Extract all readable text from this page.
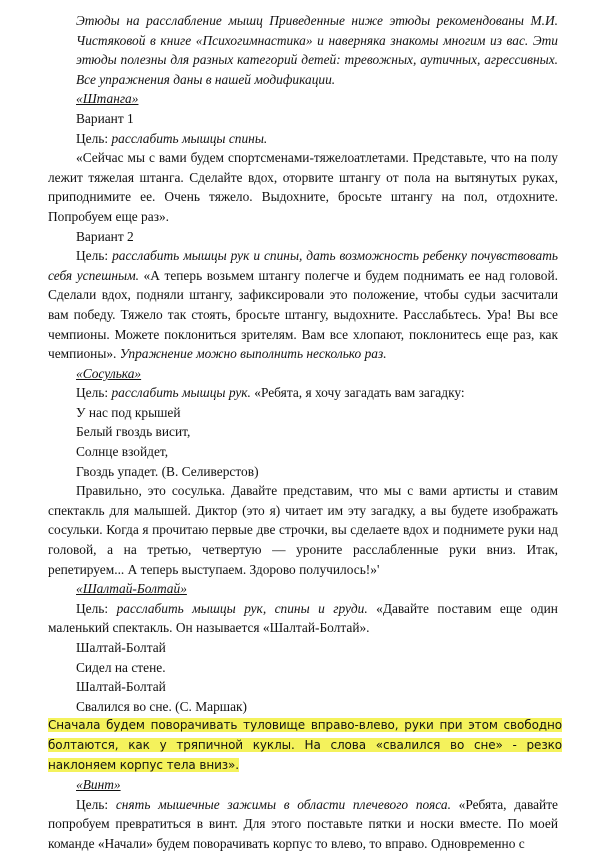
Этюды на расслабление мышц Приведенные ниже этюды рекомендованы М.И. Чистяковой в книге «Психогимнастика» и наверняка знакомы многим из вас. Эти этюды полезны для разных категорий детей: тревожных, аутичных, агрессивных. Все упражнения даны в нашей модификации.

«Штанга»

Вариант 1

Цель: расслабить мышцы спины.

«Сейчас мы с вами будем спортсменами-тяжелоатлетами. Представьте, что на полу лежит тяжелая штанга. Сделайте вдох, оторвите штангу от пола на вытянутых руках, приподнимите ее. Очень тяжело. Выдохните, бросьте штангу на пол, отдохните. Попробуем еще раз».

Вариант 2

Цель: расслабить мышцы рук и спины, дать возможность ребенку почувствовать себя успешным. «А теперь возьмем штангу полегче и будем поднимать ее над головой. Сделали вдох, подняли штангу, зафиксировали это положение, чтобы судьи засчитали вам победу. Тяжело так стоять, бросьте штангу, выдохните. Расслабьтесь. Ура! Вы все чемпионы. Можете поклониться зрителям. Вам все хлопают, поклонитесь еще раз, как чемпионы». Упражнение можно выполнить несколько раз.

«Сосулька»

Цель: расслабить мышцы рук. «Ребята, я хочу загадать вам загадку:

У нас под крышей

Белый гвоздь висит,

Солнце взойдет,

Гвоздь упадет. (В. Селиверстов)

Правильно, это сосулька. Давайте представим, что мы с вами артисты и ставим спектакль для малышей. Диктор (это я) читает им эту загадку, а вы будете изображать сосульки. Когда я прочитаю первые две строчки, вы сделаете вдох и поднимете руки над головой, а на третью, четвертую — уроните расслабленные руки вниз. Итак, репетируем... А теперь выступаем. Здорово получилось!»'

«Шалтай-Болтай»

Цель: расслабить мышцы рук, спины и груди. «Давайте поставим еще один маленький спектакль. Он называется «Шалтай-Болтай».

Шалтай-Болтай

Сидел на стене.

Шалтай-Болтай

Свалился во сне. (С. Маршак)

Сначала будем поворачивать туловище вправо-влево, руки при этом свободно болтаются, как у тряпичной куклы. На слова «свалился во сне» - резко наклоняем корпус тела вниз».

«Винт»

Цель: снять мышечные зажимы в области плечевого пояса. «Ребята, давайте попробуем превратиться в винт. Для этого поставьте пятки и носки вместе. По моей команде «Начали» будем поворачивать корпус то влево, то вправо. Одновременно с
